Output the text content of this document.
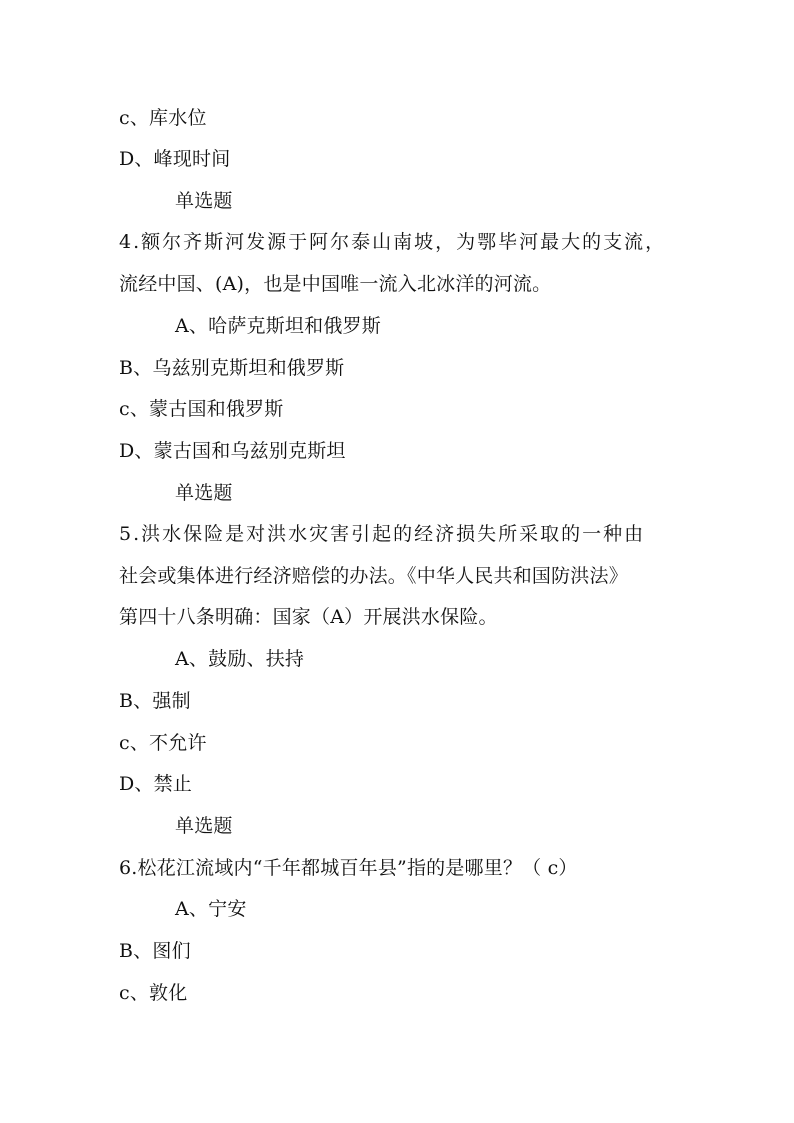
c、库水位
D、峰现时间
单选题
4.额尔齐斯河发源于阿尔泰山南坡，为鄂毕河最大的支流，
流经中国、(A)，也是中国唯一流入北冰洋的河流。
A、哈萨克斯坦和俄罗斯
B、乌兹别克斯坦和俄罗斯
c、蒙古国和俄罗斯
D、蒙古国和乌兹别克斯坦
单选题
5.洪水保险是对洪水灾害引起的经济损失所采取的一种由
社会或集体进行经济赔偿的办法。《中华人民共和国防洪法》
第四十八条明确：国家（A）开展洪水保险。
A、鼓励、扶持
B、强制
c、不允许
D、禁止
单选题
6.松花江流域内“千年都城百年县”指的是哪里？（ c）
A、宁安
B、图们
c、敦化
